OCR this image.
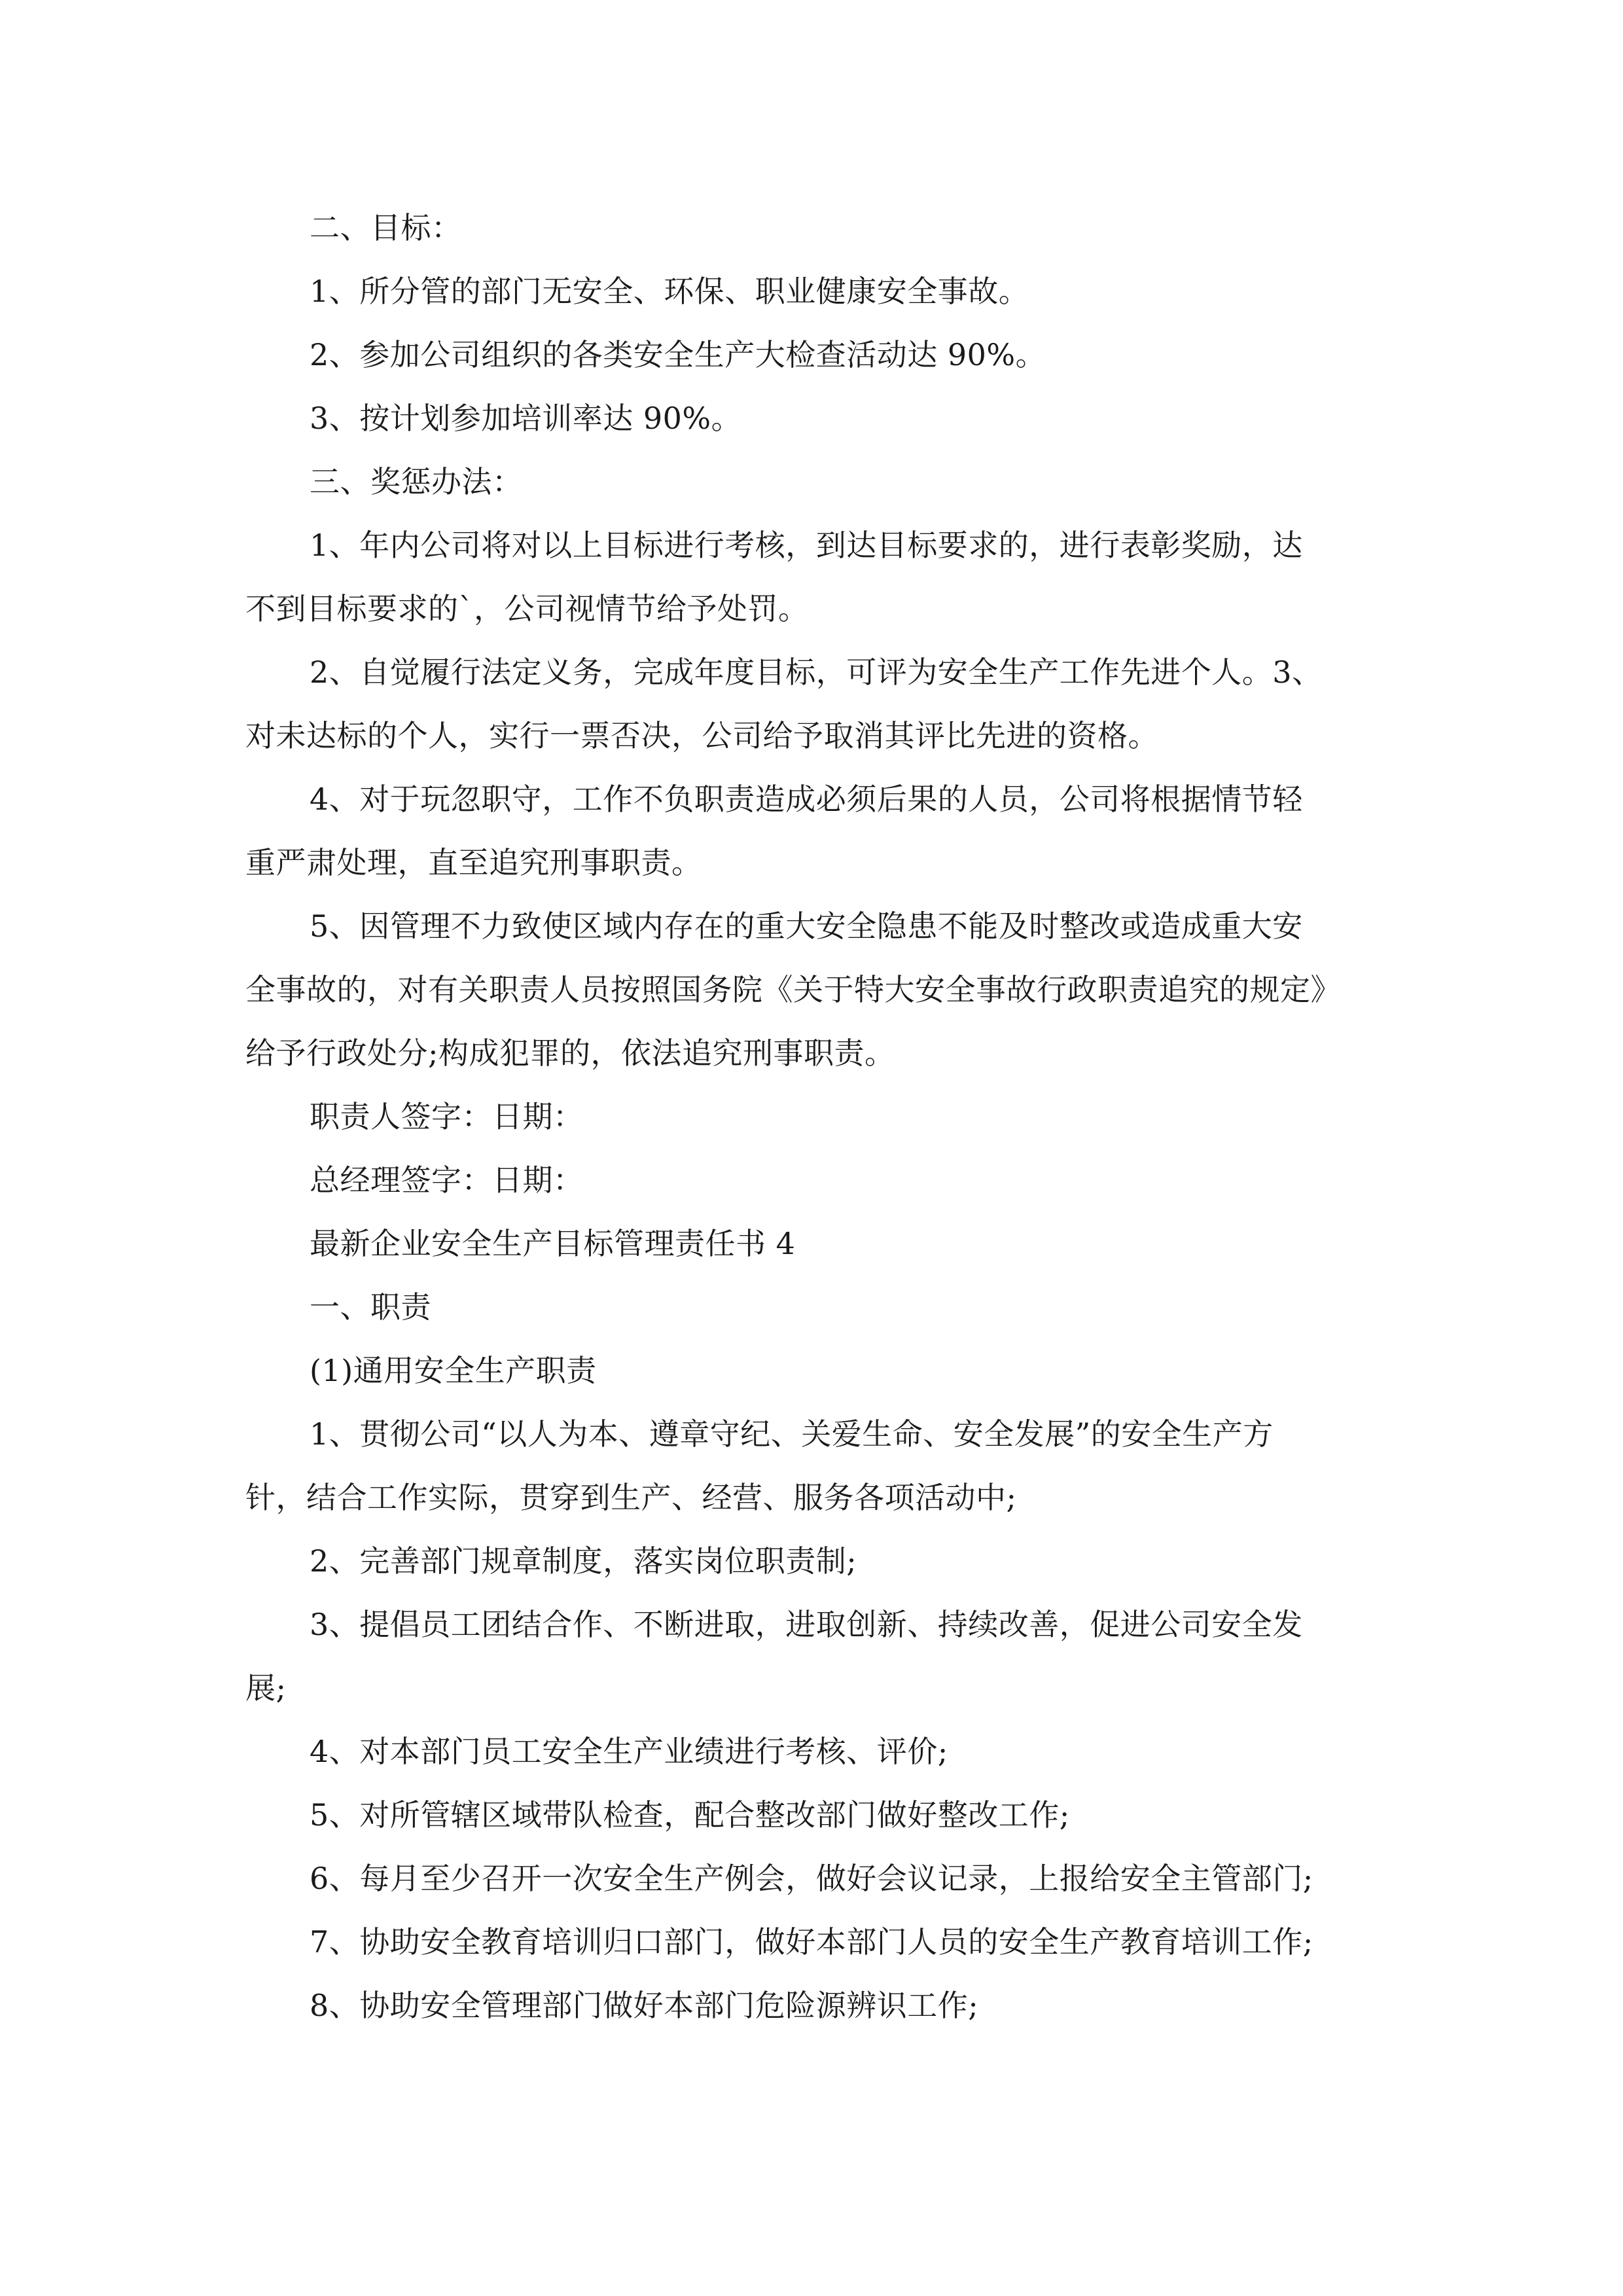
二、目标：

1、所分管的部门无安全、环保、职业健康安全事故。

2、参加公司组织的各类安全生产大检查活动达 90%。

3、按计划参加培训率达 90%。

三、奖惩办法：

1、年内公司将对以上目标进行考核，到达目标要求的，进行表彰奖励，达

不到目标要求的`，公司视情节给予处罚。

2、自觉履行法定义务，完成年度目标，可评为安全生产工作先进个人。3、

对未达标的个人，实行一票否决，公司给予取消其评比先进的资格。

4、对于玩忽职守，工作不负职责造成必须后果的人员，公司将根据情节轻

重严肃处理，直至追究刑事职责。

5、因管理不力致使区域内存在的重大安全隐患不能及时整改或造成重大安

全事故的，对有关职责人员按照国务院《关于特大安全事故行政职责追究的规定》

给予行政处分;构成犯罪的，依法追究刑事职责。

职责人签字：日期：

总经理签字：日期：

最新企业安全生产目标管理责任书 4

一、职责

(1)通用安全生产职责

1、贯彻公司“以人为本、遵章守纪、关爱生命、安全发展”的安全生产方

针，结合工作实际，贯穿到生产、经营、服务各项活动中;

2、完善部门规章制度，落实岗位职责制;

3、提倡员工团结合作、不断进取，进取创新、持续改善，促进公司安全发

展;

4、对本部门员工安全生产业绩进行考核、评价;

5、对所管辖区域带队检查，配合整改部门做好整改工作;

6、每月至少召开一次安全生产例会，做好会议记录，上报给安全主管部门;

7、协助安全教育培训归口部门，做好本部门人员的安全生产教育培训工作;

8、协助安全管理部门做好本部门危险源辨识工作;
